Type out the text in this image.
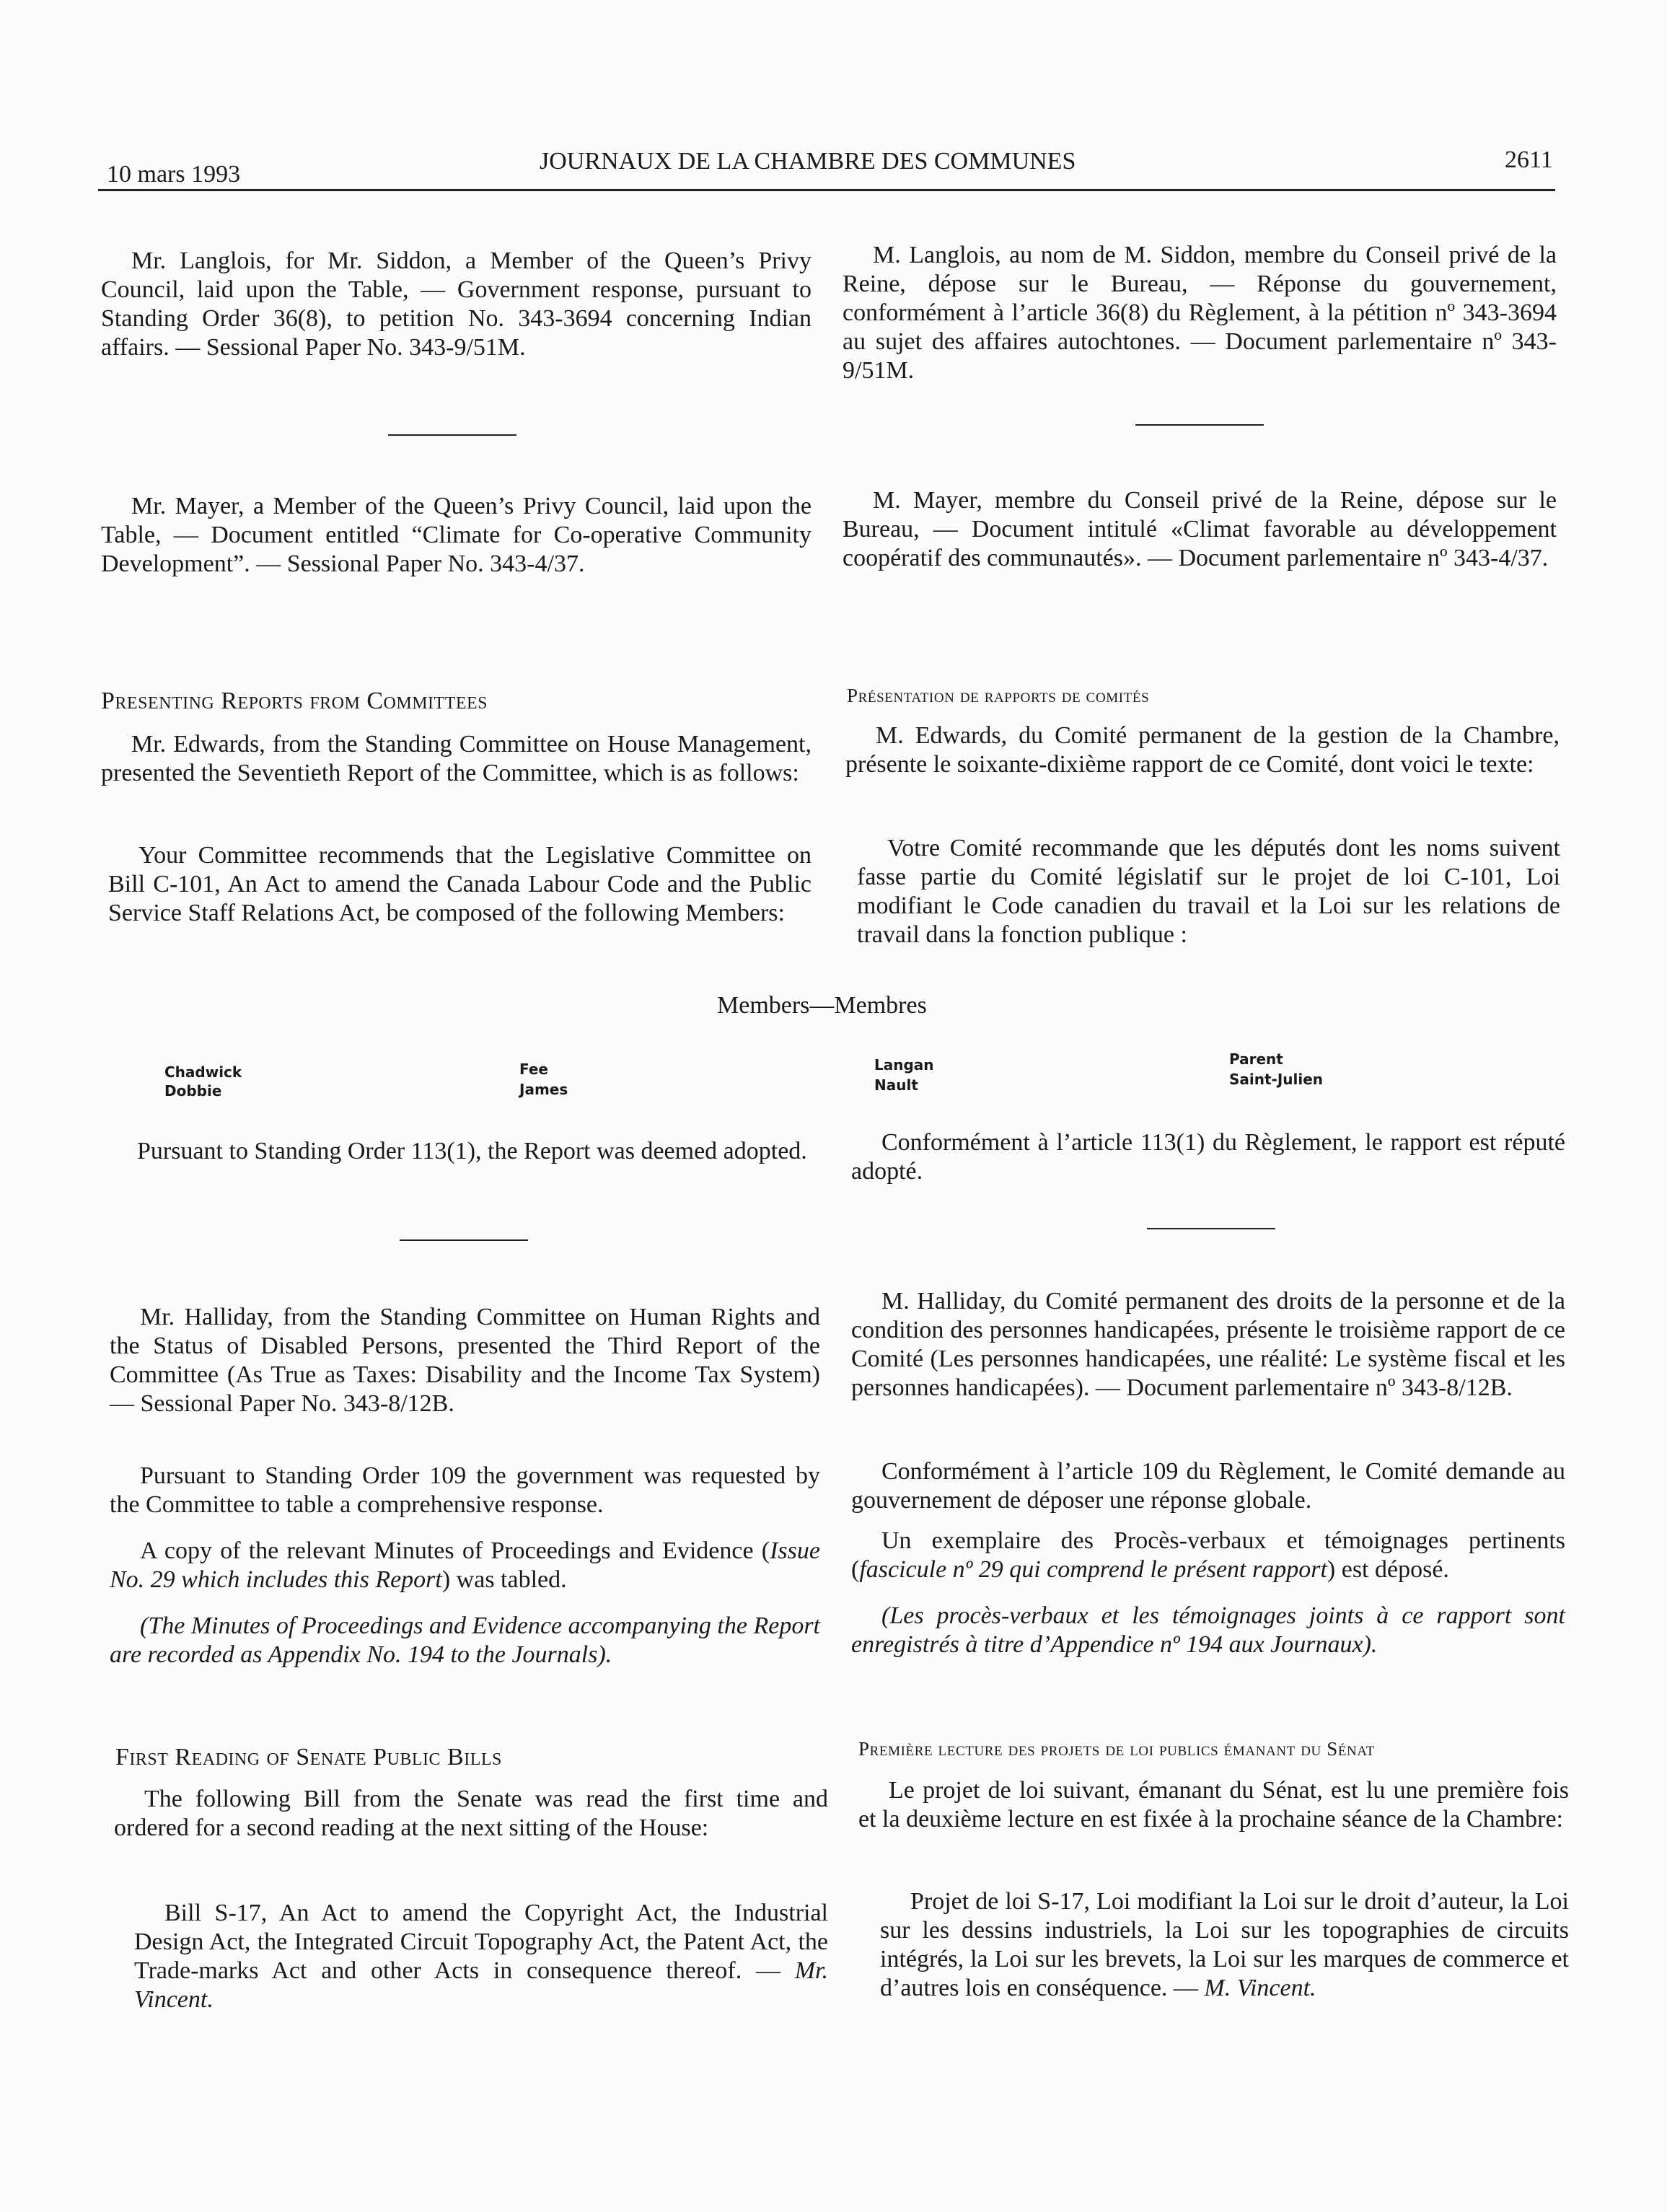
10 mars 1993	JOURNAUX DE LA CHAMBRE DES COMMUNES	2611
Mr. Langlois, for Mr. Siddon, a Member of the Queen’s Privy Council, laid upon the Table, — Government response, pursuant to Standing Order 36(8), to petition No. 343-3694 concerning Indian affairs. — Sessional Paper No. 343-9/51M.
Mr. Mayer, a Member of the Queen’s Privy Council, laid upon the Table, — Document entitled “Climate for Co-operative Community Development”. — Sessional Paper No. 343-4/37.
Presenting Reports from Committees
Mr. Edwards, from the Standing Committee on House Management, presented the Seventieth Report of the Committee, which is as follows:
Your Committee recommends that the Legislative Committee on Bill C-101, An Act to amend the Canada Labour Code and the Public Service Staff Relations Act, be composed of the following Members:
Pursuant to Standing Order 113(1), the Report was deemed adopted.
Mr. Halliday, from the Standing Committee on Human Rights and the Status of Disabled Persons, presented the Third Report of the Committee (As True as Taxes: Disability and the Income Tax System) — Sessional Paper No. 343-8/12B.
Pursuant to Standing Order 109 the government was requested by the Committee to table a comprehensive response.
A copy of the relevant Minutes of Proceedings and Evidence (Issue No. 29 which includes this Report) was tabled.
(The Minutes of Proceedings and Evidence accompanying the Report are recorded as Appendix No. 194 to the Journals).
First Reading of Senate Public Bills
The following Bill from the Senate was read the first time and ordered for a second reading at the next sitting of the House:
Bill S-17, An Act to amend the Copyright Act, the Industrial Design Act, the Integrated Circuit Topography Act, the Patent Act, the Trade-marks Act and other Acts in consequence thereof. — Mr. Vincent.
M. Langlois, au nom de M. Siddon, membre du Conseil privé de la Reine, dépose sur le Bureau, — Réponse du gouvernement, conformément à l’article 36(8) du Règlement, à la pétition nº 343-3694 au sujet des affaires autochtones. — Document parlementaire nº 343-9/51M.
M. Mayer, membre du Conseil privé de la Reine, dépose sur le Bureau, — Document intitulé «Climat favorable au développement coopératif des communautés». — Document parlementaire nº 343-4/37.
Présentation de rapports de comités
M. Edwards, du Comité permanent de la gestion de la Chambre, présente le soixante-dixième rapport de ce Comité, dont voici le texte:
Votre Comité recommande que les députés dont les noms suivent fasse partie du Comité législatif sur le projet de loi C-101, Loi modifiant le Code canadien du travail et la Loi sur les relations de travail dans la fonction publique :
Conformément à l’article 113(1) du Règlement, le rapport est réputé adopté.
M. Halliday, du Comité permanent des droits de la personne et de la condition des personnes handicapées, présente le troisième rapport de ce Comité (Les personnes handicapées, une réalité: Le système fiscal et les personnes handicapées). — Document parlementaire nº 343-8/12B.
Conformément à l’article 109 du Règlement, le Comité demande au gouvernement de déposer une réponse globale.
Un exemplaire des Procès-verbaux et témoignages pertinents (fascicule nº 29 qui comprend le présent rapport) est déposé.
(Les procès-verbaux et les témoignages joints à ce rapport sont enregistrés à titre d’Appendice nº 194 aux Journaux).
Première lecture des projets de loi publics émanant du Sénat
Le projet de loi suivant, émanant du Sénat, est lu une première fois et la deuxième lecture en est fixée à la prochaine séance de la Chambre:
Projet de loi S-17, Loi modifiant la Loi sur le droit d’auteur, la Loi sur les dessins industriels, la Loi sur les topographies de circuits intégrés, la Loi sur les brevets, la Loi sur les marques de commerce et d’autres lois en conséquence. — M. Vincent.
Members—Membres
Chadwick
Dobbie
Fee
James
Langan
Nault
Parent
Saint-Julien
